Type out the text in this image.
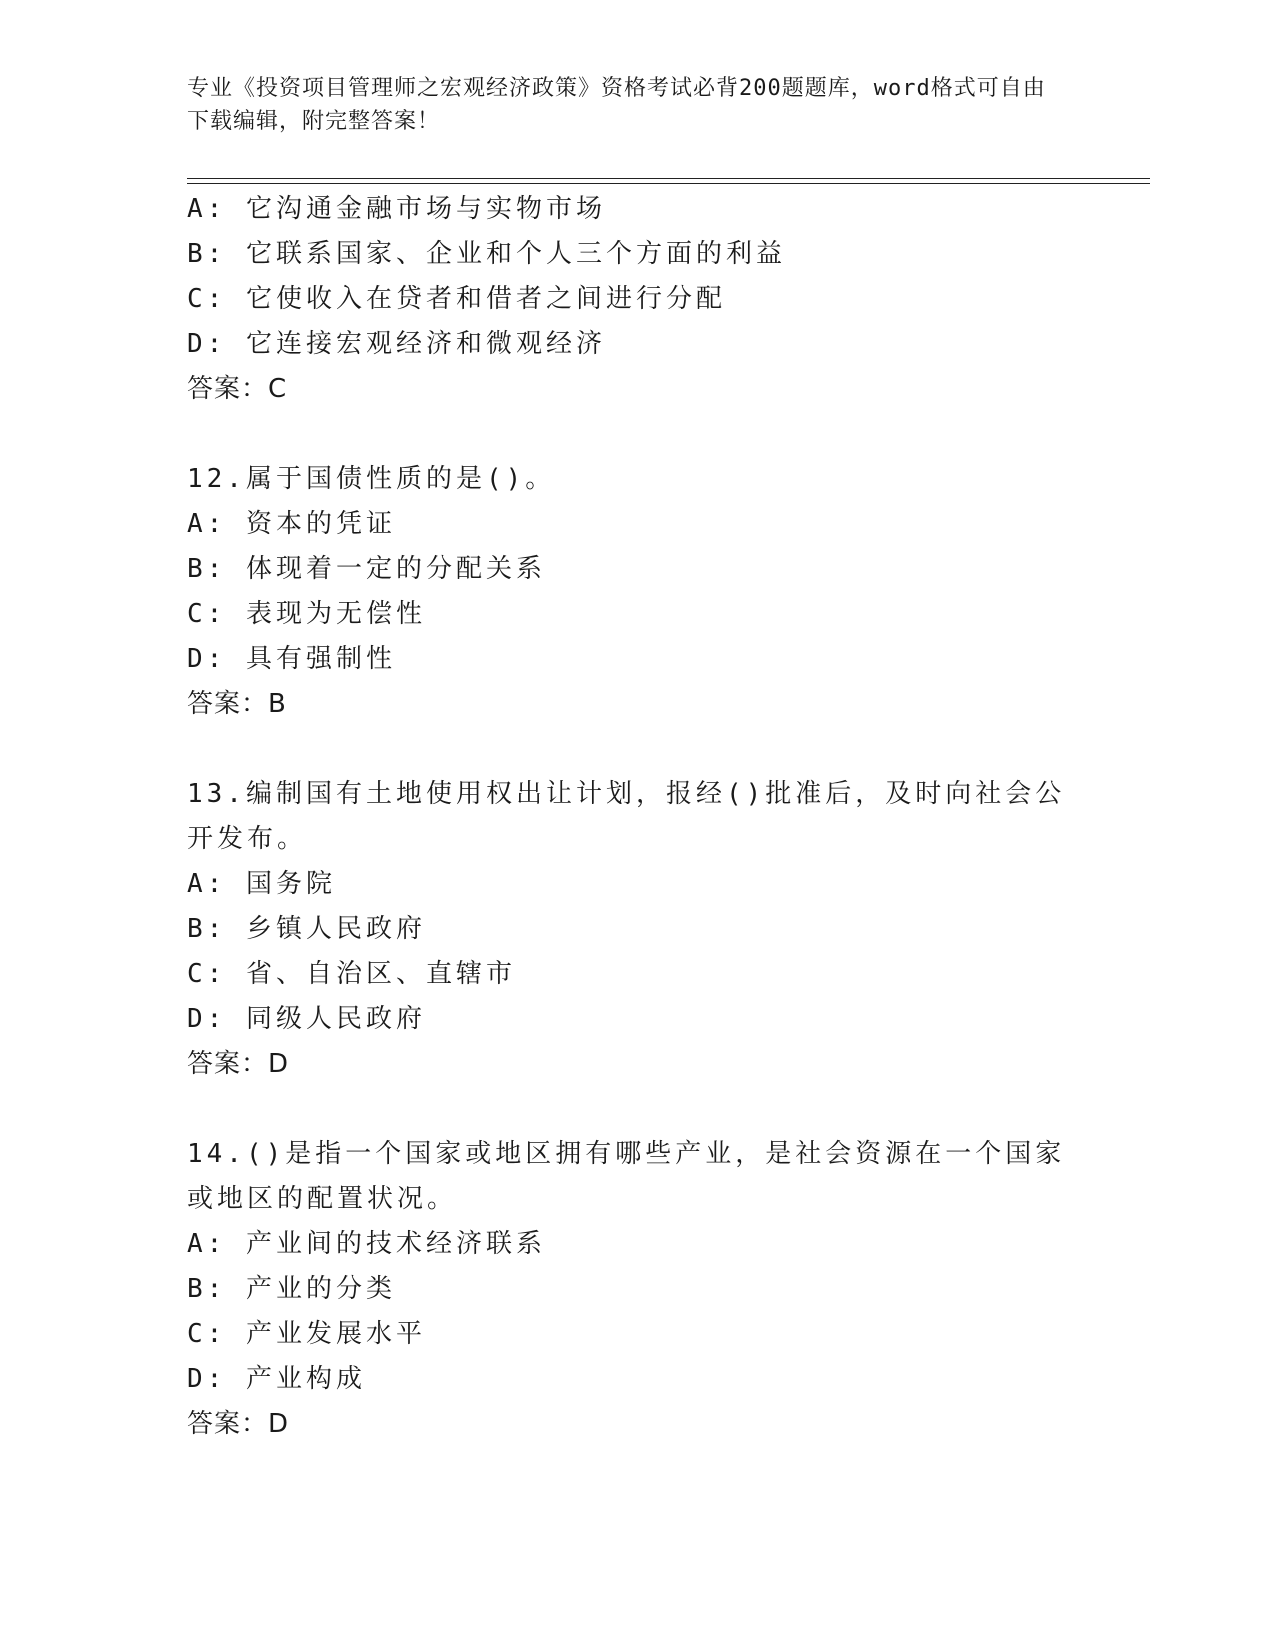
专业《投资项目管理师之宏观经济政策》资格考试必背200题题库，word格式可自由下载编辑，附完整答案！
A: 它沟通金融市场与实物市场
B: 它联系国家、企业和个人三个方面的利益
C: 它使收入在贷者和借者之间进行分配
D: 它连接宏观经济和微观经济
答案：C
12.属于国债性质的是()。
A: 资本的凭证
B: 体现着一定的分配关系
C: 表现为无偿性
D: 具有强制性
答案：B
13.编制国有土地使用权出让计划，报经()批准后，及时向社会公开发布。
A: 国务院
B: 乡镇人民政府
C: 省、自治区、直辖市
D: 同级人民政府
答案：D
14.()是指一个国家或地区拥有哪些产业，是社会资源在一个国家或地区的配置状况。
A: 产业间的技术经济联系
B: 产业的分类
C: 产业发展水平
D: 产业构成
答案：D
